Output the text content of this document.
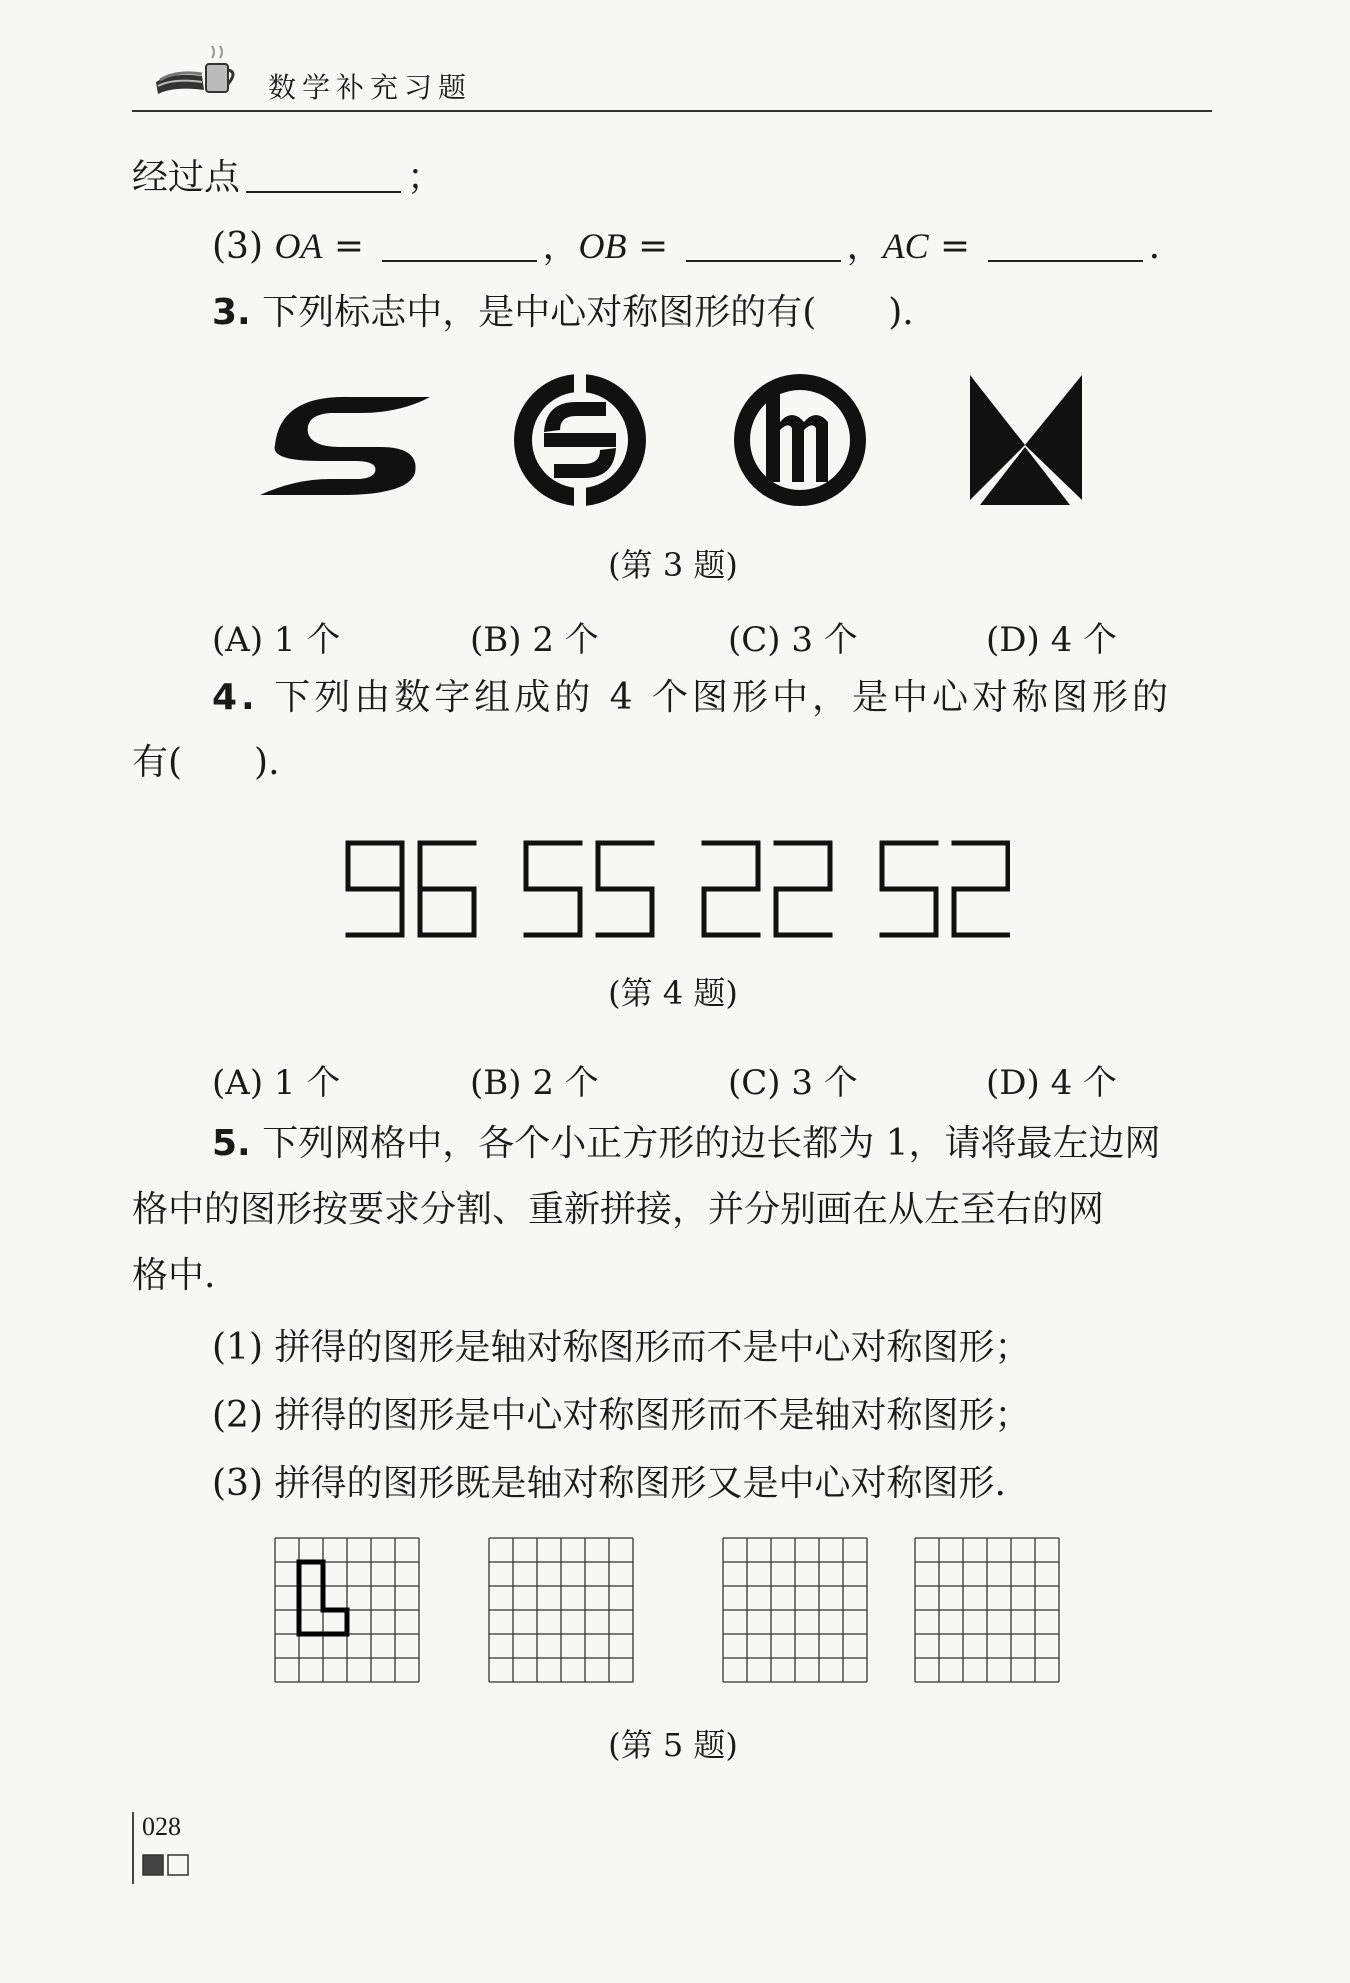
数学补充习题
经过点	；
(3) OA =	，OB =	，AC =	.
3. 下列标志中，是中心对称图形的有(　　).
(第 3 题)
(A) 1 个	(B) 2 个	(C) 3 个	(D) 4 个
4. 下列由数字组成的 4 个图形中，是中心对称图形的
有(　　).
(第 4 题)
(A) 1 个	(B) 2 个	(C) 3 个	(D) 4 个
5. 下列网格中，各个小正方形的边长都为 1，请将最左边网
格中的图形按要求分割、重新拼接，并分别画在从左至右的网
格中.
(1) 拼得的图形是轴对称图形而不是中心对称图形；
(2) 拼得的图形是中心对称图形而不是轴对称图形；
(3) 拼得的图形既是轴对称图形又是中心对称图形.
(第 5 题)
028
